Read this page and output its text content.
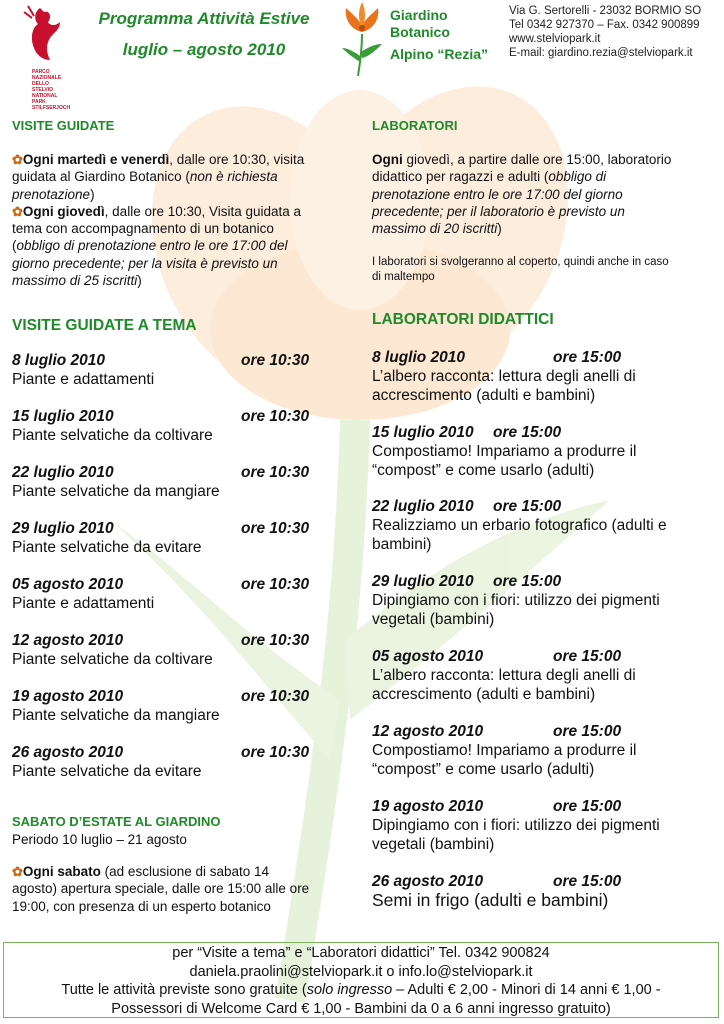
PARCO NAZIONALE DELLO STELVIO NATIONAL PARK STILFSERJOCH
Programma Attività Estive
luglio – agosto 2010
Giardino
Botanico
Alpino “Rezia”
Via G. Sertorelli - 23032 BORMIO SO
Tel 0342 927370 – Fax. 0342 900899
www.stelviopark.it
E-mail: giardino.rezia@stelviopark.it
VISITE GUIDATE
✿Ogni martedì e venerdì, dalle ore 10:30, visita guidata al Giardino Botanico (non è richiesta prenotazione)
✿Ogni giovedì, dalle ore 10:30, Visita guidata a tema con accompagnamento di un botanico (obbligo di prenotazione entro le ore 17:00 del giorno precedente; per la visita è previsto un massimo di 25 iscritti)
VISITE GUIDATE A TEMA
8 luglio 2010	ore 10:30
Piante e adattamenti
15 luglio 2010	ore 10:30
Piante selvatiche da coltivare
22 luglio 2010	ore 10:30
Piante selvatiche da mangiare
29 luglio 2010	ore 10:30
Piante selvatiche da evitare
05 agosto 2010	ore 10:30
Piante e adattamenti
12 agosto 2010	ore 10:30
Piante selvatiche da coltivare
19 agosto 2010	ore 10:30
Piante selvatiche da mangiare
26 agosto 2010	ore 10:30
Piante selvatiche da evitare
SABATO D’ESTATE AL GIARDINO
Periodo 10 luglio – 21 agosto
✿Ogni sabato (ad esclusione di sabato 14 agosto) apertura speciale, dalle ore 15:00 alle ore 19:00, con presenza di un esperto botanico
LABORATORI
Ogni giovedì, a partire dalle ore 15:00, laboratorio didattico per ragazzi e adulti (obbligo di prenotazione entro le ore 17:00 del giorno precedente; per il laboratorio è previsto un massimo di 20 iscritti)
I laboratori si svolgeranno al coperto, quindi anche in caso di maltempo
LABORATORI DIDATTICI
8 luglio 2010	ore 15:00
L’albero racconta: lettura degli anelli di accrescimento (adulti e bambini)
15 luglio 2010	ore 15:00
Compostiamo! Impariamo a produrre il “compost” e come usarlo (adulti)
22 luglio 2010	ore 15:00
Realizziamo un erbario fotografico (adulti e bambini)
29 luglio 2010	ore 15:00
Dipingiamo con i fiori: utilizzo dei pigmenti vegetali (bambini)
05 agosto 2010	ore 15:00
L’albero racconta: lettura degli anelli di accrescimento (adulti e bambini)
12 agosto 2010	ore 15:00
Compostiamo! Impariamo a produrre il “compost” e come usarlo (adulti)
19 agosto 2010	ore 15:00
Dipingiamo con i fiori: utilizzo dei pigmenti vegetali (bambini)
26 agosto 2010	ore 15:00
Semi in frigo (adulti e bambini)
per “Visite a tema” e “Laboratori didattici” Tel. 0342 900824
daniela.praolini@stelviopark.it o info.lo@stelviopark.it
Tutte le attività previste sono gratuite (solo ingresso – Adulti € 2,00 - Minori di 14 anni € 1,00 -
Possessori di Welcome Card € 1,00 - Bambini da 0 a 6 anni ingresso gratuito)
